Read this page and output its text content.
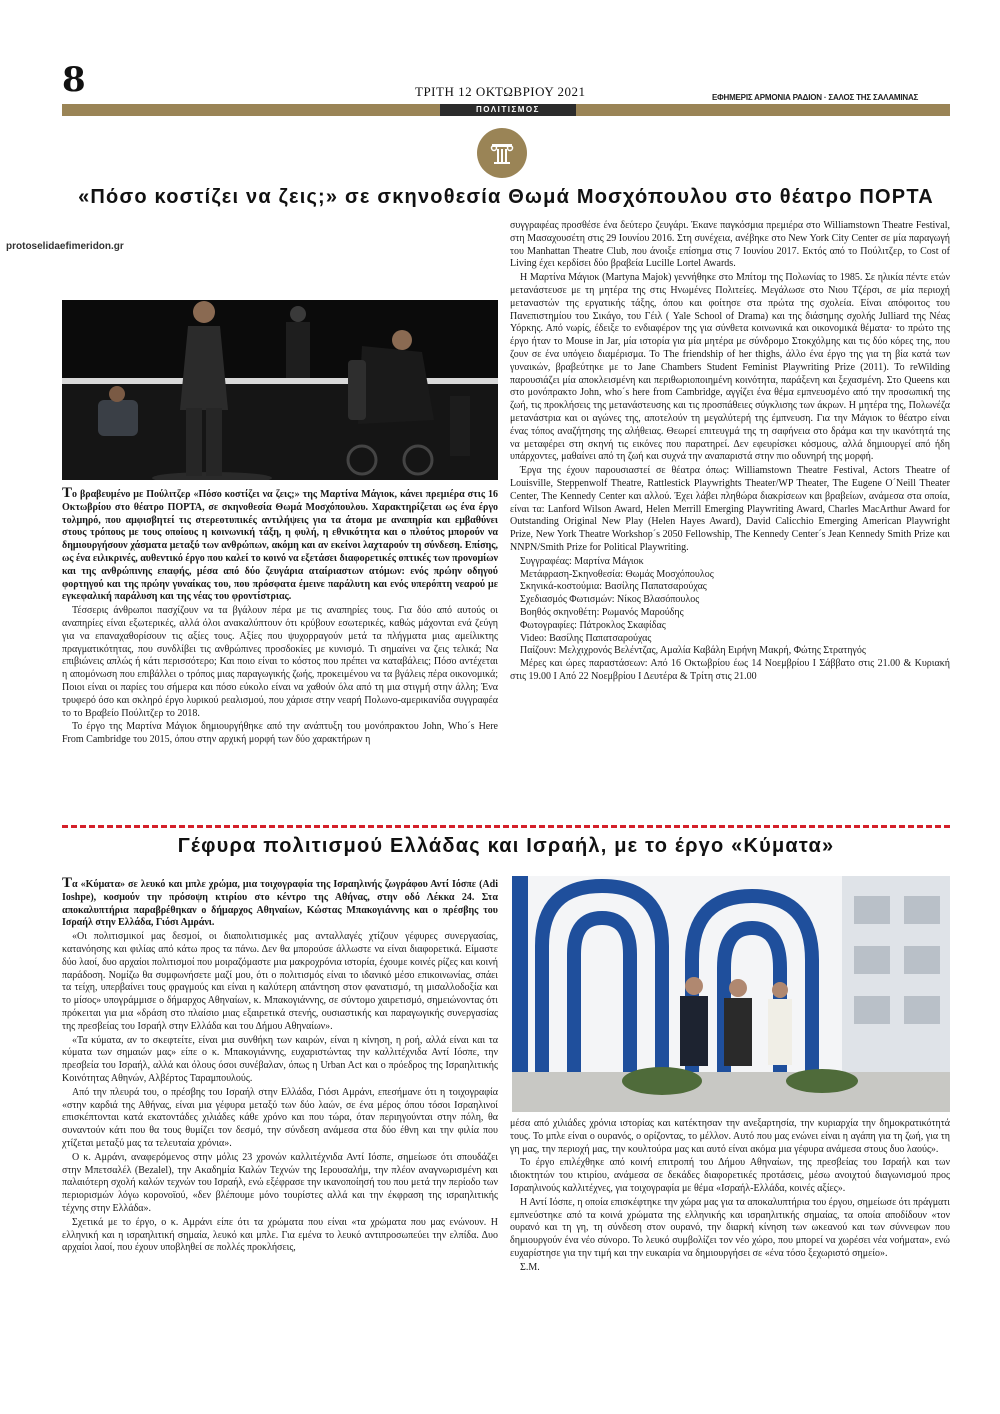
8	ΤΡΙΤΗ 12 ΟΚΤΩΒΡΙΟΥ 2021	ΕΦΗΜΕΡΙΣ ΑΡΜΟΝΙΑ ΡΑΔΙΟΝ · ΣΑΛΟΣ ΤΗΣ ΣΑΛΑΜΙΝΑΣ
ΠΟΛΙΤΙΣΜΟΣ
«Πόσο κοστίζει να ζεις;» σε σκηνοθεσία Θωμά Μοσχόπουλου στο θέατρο ΠΟΡΤΑ
protoselidaefimeridon.gr

Το βραβευμένο με Πούλιτζερ «Πόσο κοστίζει να ζεις;» της Μαρτίνα Μάγιοκ, κάνει πρεμιέρα στις 16 Οκτωβρίου στο θέατρο ΠΟΡΤΑ, σε σκηνοθεσία Θωμά Μοσχόπουλου. Χαρακτηρίζεται ως ένα έργο τολμηρό, που αμφισβητεί τις στερεοτυπικές αντιλήψεις για τα άτομα με αναπηρία και εμβαθύνει στους τρόπους με τους οποίους η κοινωνική τάξη, η φυλή, η εθνικότητα και ο πλούτος μπορούν να δημιουργήσουν χάσματα μεταξύ των ανθρώπων, ακόμη και αν εκείνοι λαχταρούν τη σύνδεση. Επίσης, ως ένα ειλικρινές, αυθεντικό έργο που καλεί το κοινό να εξετάσει διαφορετικές οπτικές των προνομίων και της ανθρώπινης επαφής, μέσα από δύο ζευγάρια αταίριαστων ατόμων: ενός πρώην οδηγού φορτηγού και της πρώην γυναίκας του, που πρόσφατα έμεινε παράλυτη και ενός υπερόπτη νεαρού με εγκεφαλική παράλυση και της νέας του φροντίστριας.

Τέσσερις άνθρωποι πασχίζουν να τα βγάλουν πέρα με τις αναπηρίες τους. Για δύο από αυτούς οι αναπηρίες είναι εξωτερικές, αλλά όλοι ανακαλύπτουν ότι κρύβουν εσωτερικές, καθώς μάχονται ενά ζεύγη για να επαναχαθορίσουν τις αξίες τους. Αξίες που ψυχορραγούν μετά τα πλήγματα μιας αμείλικτης πραγματικότητας, που συνδλίβει τις ανθρώπινες προσδοκίες με κυνισμό. Τι σημαίνει να ζεις τελικά; Να επιβιώνεις απλώς ή κάτι περισσότερο; Και ποιο είναι το κόστος που πρέπει να καταβάλεις; Πόσο αντέχεται η απομόνωση που επιβάλλει ο τρόπος μιας παραγωγικής ζωής, προκειμένου να τα βγάλεις πέρα οικονομικά; Ποιοι είναι οι παρίες του σήμερα και πόσο εύκολο είναι να χαθούν όλα από τη μια στιγμή στην άλλη; Ένα τρυφερό όσο και σκληρό έργο λυρικού ρεαλισμού, που χάρισε στην νεαρή Πολωνο-αμερικανίδα συγγραφέα το το Βραβείο Πούλιτζερ το 2018.

Το έργο της Μαρτίνα Μάγιοκ δημιουργήθηκε από την ανάπτυξη του μονόπρακτου John, Who´s Here From Cambridge του 2015, όπου στην αρχική μορφή των δύο χαρακτήρων η

συγγραφέας προσθέσε ένα δεύτερο ζευγάρι. Έκανε παγκόσμια πρεμιέρα στο Williamstown Theatre Festival, στη Μασαχουσέτη στις 29 Ιουνίου 2016. Στη συνέχεια, ανέβηκε στο New York City Center σε μία παραγωγή του Manhattan Theatre Club, που άνοιξε επίσημα στις 7 Ιουνίου 2017. Εκτός από το Πούλιτζερ, το Cost of Living έχει κερδίσει δύο βραβεία Lucille Lortel Awards.

Η Μαρτίνα Μάγιοκ (Martyna Majok) γεννήθηκε στο Μπίτομ της Πολωνίας το 1985. Σε ηλικία πέντε ετών μετανάστευσε με τη μητέρα της στις Ηνωμένες Πολιτείες. Μεγάλωσε στο Νιου Τζέρσι, σε μία περιοχή μεταναστών της εργατικής τάξης, όπου και φοίτησε στα πρώτα της σχολεία. Είναι απόφοιτος του Πανεπιστημίου του Σικάγο, του Γέιλ ( Yale School of Drama) και της διάσημης σχολής Julliard της Νέας Υόρκης. Από νωρίς, έδειξε το ενδιαφέρον της για σύνθετα κοινωνικά και οικονομικά θέματα· το πρώτο της έργο ήταν το Mouse in Jar, μία ιστορία για μία μητέρα με σύνδρομο Στοκχόλμης και τις δύο κόρες της, που ζουν σε ένα υπόγειο διαμέρισμα. Το The friendship of her thighs, άλλο ένα έργο της για τη βία κατά των γυναικών, βραβεύτηκε με το Jane Chambers Student Feminist Playwriting Prize (2011). Το reWilding παρουσιάζει μία αποκλεισμένη και περιθωριοποιημένη κοινότητα, παράξενη και ξεχασμένη. Στο Queens και στο μονόπρακτο John, who´s here from Cambridge, αγγίζει ένα θέμα εμπνευσμένο από την προσωπική της ζωή, τις προκλήσεις της μετανάστευσης και τις προσπάθειες σύγκλισης των άκρων. Η μητέρα της, Πολωνέζα μετανάστρια και οι αγώνες της, αποτελούν τη μεγαλύτερή της έμπνευση. Για την Μάγιοκ το θέατρο είναι ένας τόπος αναζήτησης της αλήθειας. Θεωρεί επιτευγμά της τη σαφήνεια στο δράμα και την ικανότητά της να μεταφέρει στη σκηνή τις εικόνες που παρατηρεί. Δεν εφευρίσκει κόσμους, αλλά δημιουργεί από ήδη υπάρχοντες, μαθαίνει από τη ζωή και συχνά την αναπαριστά στην πιο οδυνηρή της μορφή.

Έργα της έχουν παρουσιαστεί σε θέατρα όπως: Williamstown Theatre Festival, Actors Theatre of Louisville, Steppenwolf Theatre, Rattlestick Playwrights Theater/WP Theater, The Eugene O´Neill Theater Center, The Kennedy Center και αλλού. Έχει λάβει πληθώρα διακρίσεων και βραβείων, ανάμεσα στα οποία, είναι τα: Lanford Wilson Award, Helen Merrill Emerging Playwriting Award, Charles MacArthur Award for Outstanding Original New Play (Helen Hayes Award), David Calicchio Emerging American Playwright Prize, New York Theatre Workshop´s 2050 Fellowship, The Kennedy Center´s Jean Kennedy Smith Prize και NNPN/Smith Prize for Political Playwriting.

Συγγραφέας: Μαρτίνα Μάγιοκ

Μετάφραση-Σκηνοθεσία: Θωμάς Μοσχόπουλος

Σκηνικά-κοστούμια: Βασίλης Παπατσαρούχας

Σχεδιασμός Φωτισμών: Νίκος Βλασόπουλος

Βοηθός σκηνοθέτη: Ρωμανός Μαρούδης

Φωτογραφίες: Πάτροκλος Σκαφίδας

Video: Βασίλης Παπατσαρούχας

Παίζουν: Μελχιχρονός Βελέντζας, Αμαλία Καβάλη Ειρήνη Μακρή, Φώτης Στρατηγός

Μέρες και ώρες παραστάσεων: Από 16 Οκτωβρίου έως 14 Νοεμβρίου Ι Σάββατο στις 21.00 & Κυριακή στις 19.00 Ι Από 22 Νοεμβρίου Ι Δευτέρα & Τρίτη στις 21.00

Γέφυρα πολιτισμού Ελλάδας και Ισραήλ, με το έργο «Κύματα»

Τα «Κύματα» σε λευκό και μπλε χρώμα, μια τοιχογραφία της Ισραηλινής ζωγράφου Αντί Ιόσπε (Adi Ioshpe), κοσμούν την πρόσοψη κτιρίου στο κέντρο της Αθήνας, στην οδό Λέκκα 24. Στα αποκαλυπτήρια παραβρέθηκαν ο δήμαρχος Αθηναίων, Κώστας Μπακογιάννης και ο πρέσβης του Ισραήλ στην Ελλάδα, Γιόσι Αμράνι.

«Οι πολιτισμικοί μας δεσμοί, οι διαπολιτισμικές μας ανταλλαγές χτίζουν γέφυρες συνεργασίας, κατανόησης και φιλίας από κάτω προς τα πάνω. Δεν θα μπορούσε άλλωστε να είναι διαφορετικά. Είμαστε δύο λαοί, δυο αρχαίοι πολιτισμοί που μοιραζόμαστε μια μακροχρόνια ιστορία, έχουμε κοινές ρίζες και κοινή παράδοση. Νομίζω θα συμφωνήσετε μαζί μου, ότι ο πολιτισμός είναι το ιδανικό μέσο επικοινωνίας, σπάει τα τείχη, υπερβαίνει τους φραγμούς και είναι η καλύτερη απάντηση στον φανατισμό, τη μισαλλοδοξία και το μίσος» υπογράμμισε ο δήμαρχος Αθηναίων, κ. Μπακογιάννης, σε σύντομο χαιρετισμό, σημειώνοντας ότι πρόκειται για μια «δράση στο πλαίσιο μιας εξαιρετικά στενής, ουσιαστικής και παραγωγικής συνεργασίας της πρεσβείας του Ισραήλ στην Ελλάδα και του Δήμου Αθηναίων».

«Τα κύματα, αν το σκεφτείτε, είναι μια συνθήκη των καιρών, είναι η κίνηση, η ροή, αλλά είναι και τα κύματα των σημαιών μας» είπε ο κ. Μπακογιάννης, ευχαριστώντας την καλλιτέχνιδα Αντί Ιόσπε, την πρεσβεία του Ισραήλ, αλλά και όλους όσοι συνέβαλαν, όπως η Urban Act και ο πρόεδρος της Ισραηλιτικής Κοινότητας Αθηνών, Αλβέρτος Ταραμπουλούς.

Από την πλευρά του, ο πρέσβης του Ισραήλ στην Ελλάδα, Γιόσι Αμράνι, επεσήμανε ότι η τοιχογραφία «στην καρδιά της Αθήνας, είναι μια γέφυρα μεταξύ των δύο λαών, σε ένα μέρος όπου τόσοι Ισραηλινοί επισκέπτονται κατά εκατοντάδες χιλιάδες κάθε χρόνο και που τώρα, όταν περιηγούνται στην πόλη, θα συναντούν κάτι που θα τους θυμίζει τον δεσμό, την σύνδεση ανάμεσα στα δύο έθνη και την φιλία που χτίζεται μεταξύ μας τα τελευταία χρόνια».

Ο κ. Αμράνι, αναφερόμενος στην μόλις 23 χρονών καλλιτέχνιδα Αντί Ιόσπε, σημείωσε ότι σπουδάζει στην Μπετσαλέλ (Bezalel), την Ακαδημία Καλών Τεχνών της Ιερουσαλήμ, την πλέον αναγνωρισμένη και παλαιότερη σχολή καλών τεχνών του Ισραήλ, ενώ εξέφρασε την ικανοποίησή του που μετά την περίοδο των περιορισμών λόγω κορονοϊού, «δεν βλέπουμε μόνο τουρίστες αλλά και την έκφραση της ισραηλιτικής τέχνης στην Ελλάδα».

Σχετικά με το έργο, ο κ. Αμράνι είπε ότι τα χρώματα που είναι «τα χρώματα που μας ενώνουν. Η ελληνική και η ισραηλιτική σημαία, λευκό και μπλε. Για εμένα το λευκό αντιπροσωπεύει την ελπίδα. Δυο αρχαίοι λαοί, που έχουν υποβληθεί σε πολλές προκλήσεις,

μέσα από χιλιάδες χρόνια ιστορίας και κατέκτησαν την ανεξαρτησία, την κυριαρχία την δημοκρατικότητά τους. Το μπλε είναι ο ουρανός, ο ορίζοντας, το μέλλον. Αυτό που μας ενώνει είναι η αγάπη για τη ζωή, για τη γη μας, την περιοχή μας, την κουλτούρα μας και αυτό είναι ακόμα μια γέφυρα ανάμεσα στους δυο λαούς».

Το έργο επιλέχθηκε από κοινή επιτροπή του Δήμου Αθηναίων, της πρεσβείας του Ισραήλ και των ιδιοκτητών του κτιρίου, ανάμεσα σε δεκάδες διαφορετικές προτάσεις, μέσω ανοιχτού διαγωνισμού προς Ισραηλινούς καλλιτέχνες, για τοιχογραφία με θέμα «Ισραήλ-Ελλάδα, κοινές αξίες».

Η Αντί Ιόσπε, η οποία επισκέφτηκε την χώρα μας για τα αποκαλυπτήρια του έργου, σημείωσε ότι πράγματι εμπνεύστηκε από τα κοινά χρώματα της ελληνικής και ισραηλιτικής σημαίας, τα οποία αποδίδουν «τον ουρανό και τη γη, τη σύνδεση στον ουρανό, την διαρκή κίνηση των ωκεανού και των σύννεφων που δημιουργούν ένα νέο σύνορο. Το λευκό συμβολίζει τον νέο χώρο, που μπορεί να χωρέσει νέα νοήματα», ενώ ευχαρίστησε για την τιμή και την ευκαιρία να δημιουργήσει σε «ένα τόσο ξεχωριστό σημείο».

Σ.Μ.
